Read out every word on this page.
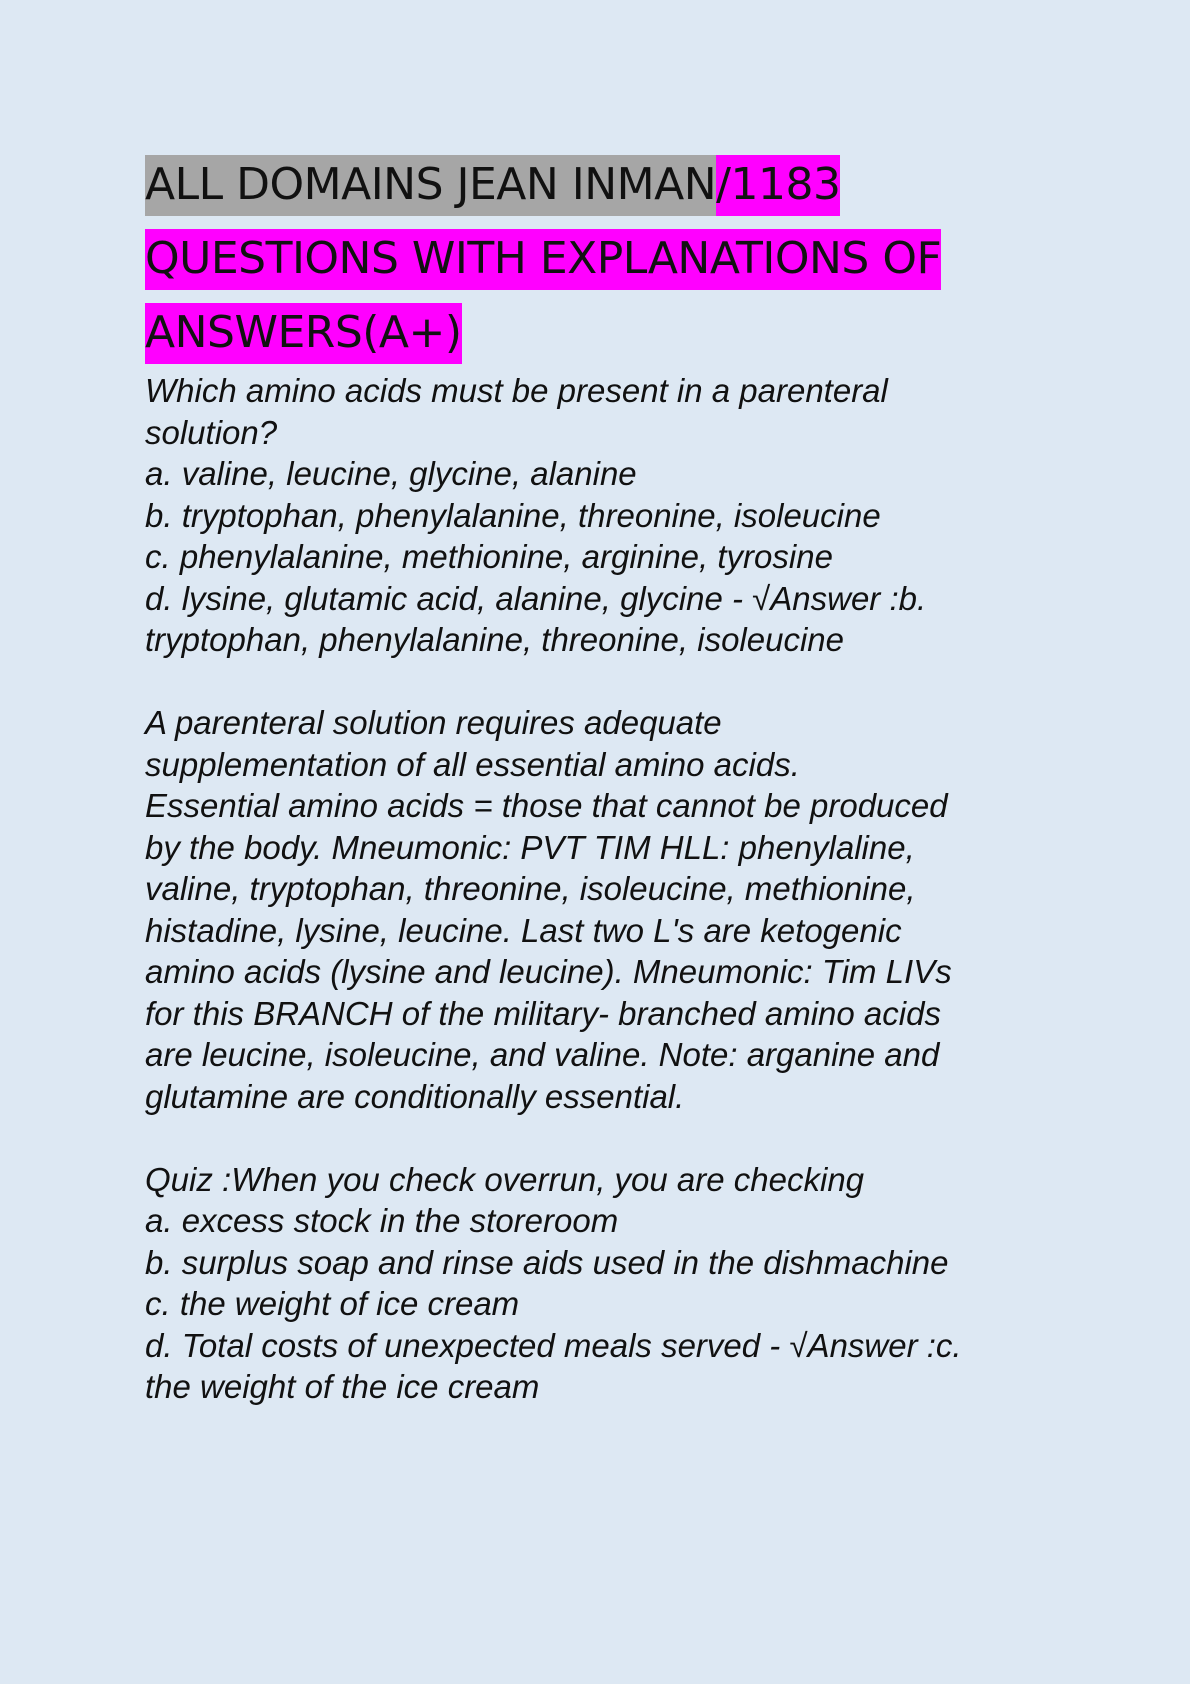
ALL DOMAINS JEAN INMAN/1183
QUESTIONS WITH EXPLANATIONS OF
ANSWERS(A+)
Which amino acids must be present in a parenteral
solution?
a. valine, leucine, glycine, alanine
b. tryptophan, phenylalanine, threonine, isoleucine
c. phenylalanine, methionine, arginine, tyrosine
d. lysine, glutamic acid, alanine, glycine - √Answer :b.
tryptophan, phenylalanine, threonine, isoleucine
A parenteral solution requires adequate
supplementation of all essential amino acids.
Essential amino acids = those that cannot be produced
by the body. Mneumonic: PVT TIM HLL: phenylaline,
valine, tryptophan, threonine, isoleucine, methionine,
histadine, lysine, leucine. Last two L's are ketogenic
amino acids (lysine and leucine). Mneumonic: Tim LIVs
for this BRANCH of the military- branched amino acids
are leucine, isoleucine, and valine. Note: arganine and
glutamine are conditionally essential.
Quiz :When you check overrun, you are checking
a. excess stock in the storeroom
b. surplus soap and rinse aids used in the dishmachine
c. the weight of ice cream
d. Total costs of unexpected meals served - √Answer :c.
the weight of the ice cream
